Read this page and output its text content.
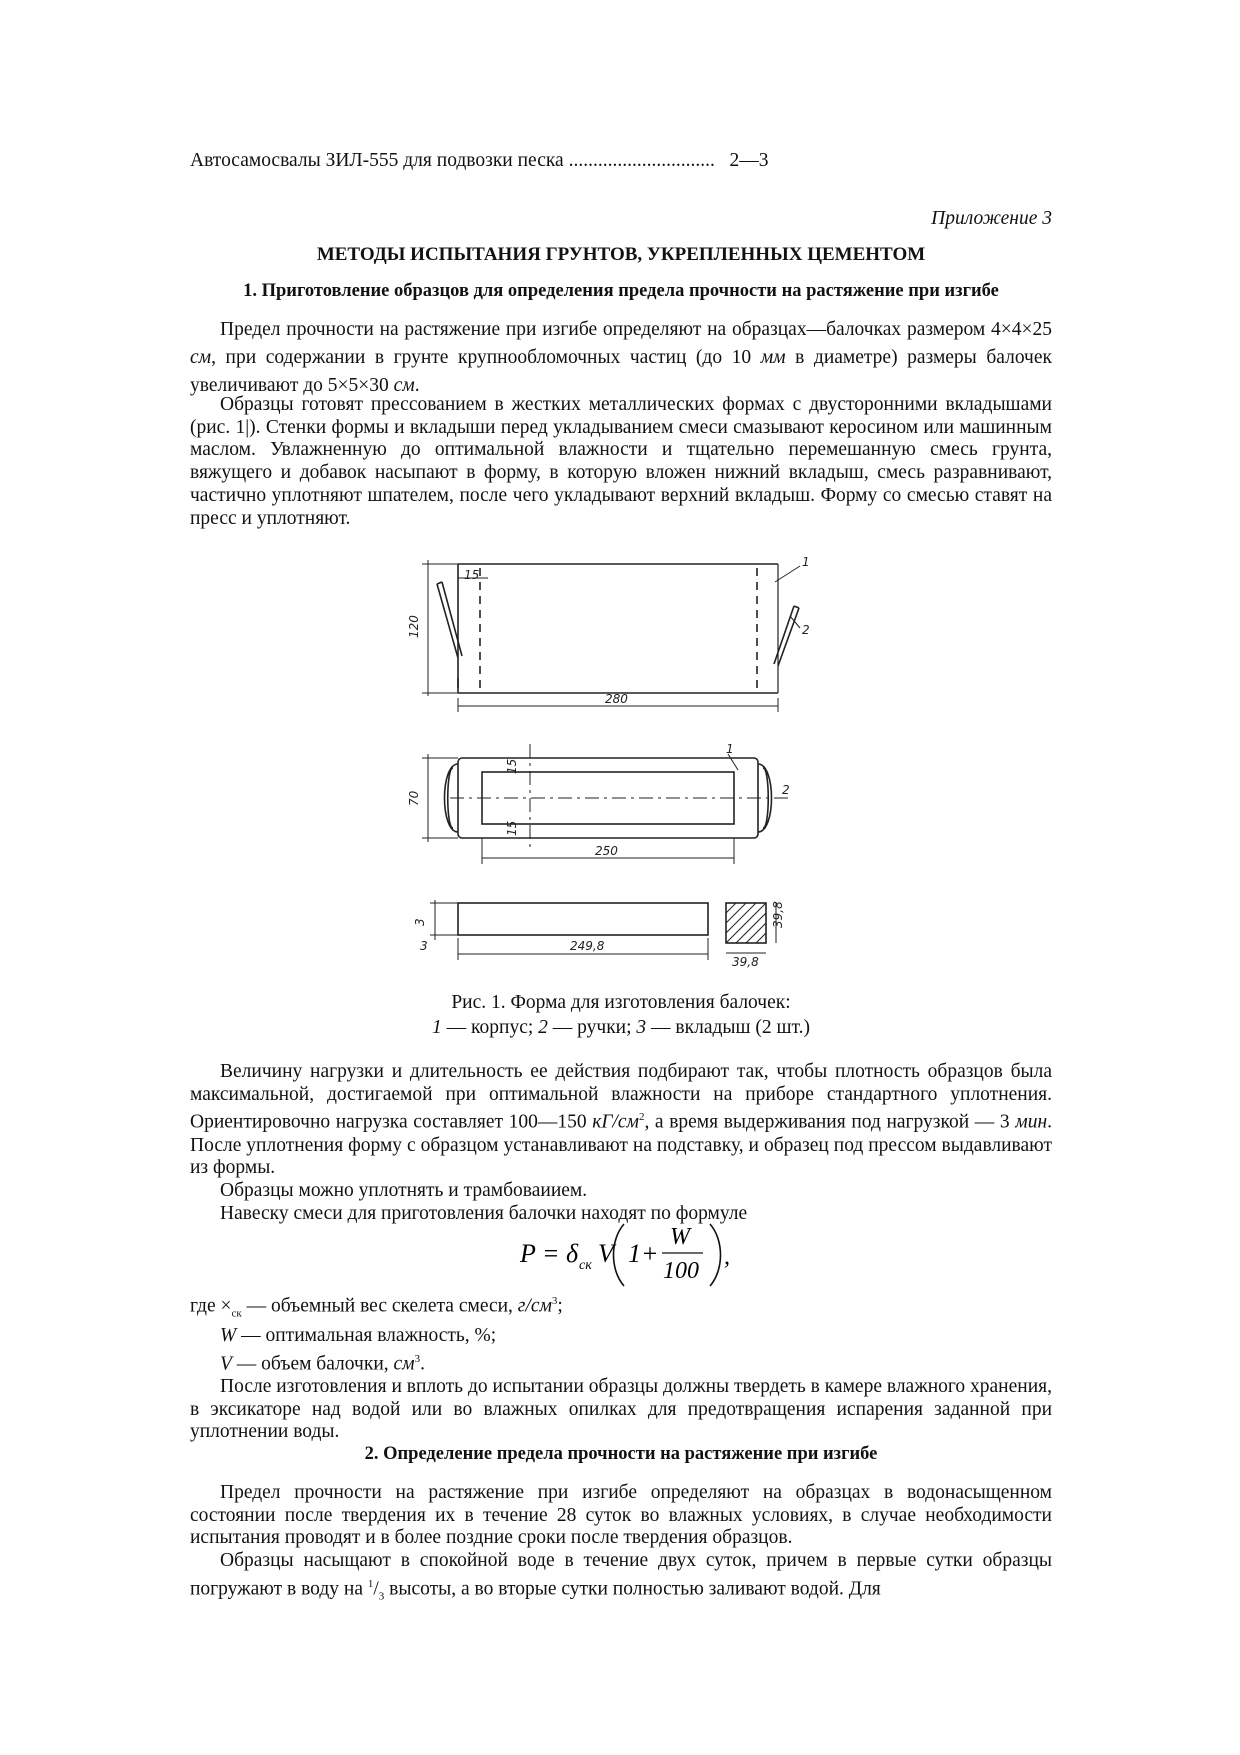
Автосамосвалы ЗИЛ-555 для подвозки песка .............................. 2—3
Приложение 3
МЕТОДЫ ИСПЫТАНИЯ ГРУНТОВ, УКРЕПЛЕННЫХ ЦЕМЕНТОМ
1. Приготовление образцов для определения предела прочности на растяжение при изгибе

Предел прочности на растяжение при изгибе определяют на образцах—балочках размером 4×4×25 см, при содержании в грунте крупнообломочных частиц (до 10 мм в диаметре) размеры балочек увеличивают до 5×5×30 см.

Образцы готовят прессованием в жестких металлических формах с двусторонними вкладышами (рис. 1|). Стенки формы и вкладыши перед укладыванием смеси смазывают керосином или машинным маслом. Увлажненную до оптимальной влажности и тщательно перемешанную смесь грунта, вяжущего и добавок насыпают в форму, в которую вложен нижний вкладыш, смесь разравнивают, частично уплотняют шпателем, после чего укладывают верхний вкладыш. Форму со смесью ставят на пресс и уплотняют.

15
120
280
1
2
70
15
15
250
1
2
3
3	249,8
39,8
39,8
Рис. 1. Форма для изготовления балочек:
1 — корпус; 2 — ручки; 3 — вкладыш (2 шт.)

Величину нагрузки и длительность ее действия подбирают так, чтобы плотность образцов была максимальной, достигаемой при оптимальной влажности на приборе стандартного уплотнения. Ориентировочно нагрузка составляет 100—150 $кГ/см^2$, а время выдерживания под нагрузкой — 3 мин. После уплотнения форму с образцом устанавливают на подставку, и образец под прессом выдавливают из формы.

Образцы можно уплотнять и трамбоваиием.

Навеску смеси для приготовления балочки находят по формуле

P = δ ск V 1+
W
100
,

где $\times_{ск}$ — объемный вес скелета смеси, $г/см^3$;

W — оптимальная влажность, %;

V — объем балочки, $см^3$.

После изготовления и вплоть до испытании образцы должны твердеть в камере влажного хранения, в эксикаторе над водой или во влажных опилках для предотвращения испарения заданной при уплотнении воды.

2. Определение предела прочности на растяжение при изгибе

Предел прочности на растяжение при изгибе определяют на образцах в водонасыщенном состоянии после твердения их в течение 28 суток во влажных условиях, в случае необходимости испытания проводят и в более поздние сроки после твердения образцов.

Образцы насыщают в спокойной воде в течение двух суток, причем в первые сутки образцы погружают в воду на $^1/_3$ высоты, а во вторые сутки полностью заливают водой. Для
